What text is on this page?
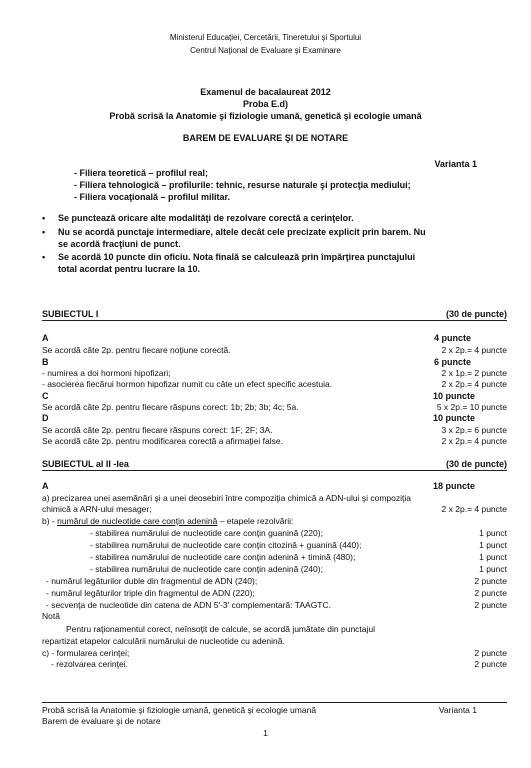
Ministerul Educaţiei, Cercetării, Tineretului şi Sportului
Centrul Naţional de Evaluare şi Examinare
Examenul de bacalaureat 2012
Proba E.d)
Probă scrisă la Anatomie şi fiziologie umană, genetică şi ecologie umană
BAREM DE EVALUARE ŞI DE NOTARE
Varianta 1
- Filiera teoretică – profilul real;
- Filiera tehnologică – profilurile: tehnic, resurse naturale şi protecţia mediului;
- Filiera vocaţională – profilul militar.
• Se punctează oricare alte modalităţi de rezolvare corectă a cerinţelor.
• Nu se acordă punctaje intermediare, altele decât cele precizate explicit prin barem. Nu
se acordă fracţiuni de punct.
• Se acordă 10 puncte din oficiu. Nota finală se calculează prin împărţirea punctajului
total acordat pentru lucrare la 10.
SUBIECTUL I	(30 de puncte)
A	4 puncte
Se acordă câte 2p. pentru fiecare noţiune corectă.	2 x 2p.= 4 puncte
B	6 puncte
- numirea a doi hormoni hipofizari;	2 x 1p.= 2 puncte
- asocierea fiecărui hormon hipofizar numit cu câte un efect specific acestuia.	2 x 2p.= 4 puncte
C	10 puncte
Se acordă câte 2p. pentru fiecare răspuns corect: 1b; 2b; 3b; 4c; 5a.	5 x 2p.= 10 puncte
D	10 puncte
Se acordă câte 2p. pentru fiecare răspuns corect: 1F; 2F; 3A.	3 x 2p.= 6 puncte
Se acordă câte 2p. pentru modificarea corectă a afirmaţiei false.	2 x 2p.= 4 puncte
SUBIECTUL al II -lea	(30 de puncte)
A	18 puncte
a) precizarea unei asemănări şi a unei deosebiri între compoziţia chimică a ADN-ului şi compoziţia
chimică a ARN-ului mesager;	2 x 2p.= 4 puncte
b) - numărul de nucleotide care conţin adenină – etapele rezolvării:
- stabilirea numărului de nucleotide care conţin guanină (220);	1 punct
- stabilirea numărului de nucleotide care conţin citozină + guanină (440);	1 punct
- stabilirea numărului de nucleotide care conţin adenină + timină (480);	1 punct
- stabilirea numărului de nucleotide care conţin adenină (240);	1 punct
- numărul legăturilor duble din fragmentul de ADN (240);	2 puncte
- numărul legăturilor triple din fragmentul de ADN (220);	2 puncte
- secvenţa de nucleotide din catena de ADN 5'-3' complementară: TAAGTC.	2 puncte
Notă
Pentru raţionamentul corect, neînsoţit de calcule, se acordă jumătate din punctajul
repartizat etapelor calculării numărului de nucleotide cu adenină.
c) - formularea cerinţei;	2 puncte
- rezolvarea cerinţei.	2 puncte
Probă scrisă la Anatomie şi fiziologie umană, genetică şi ecologie umană	Varianta 1
Barem de evaluare şi de notare
1
